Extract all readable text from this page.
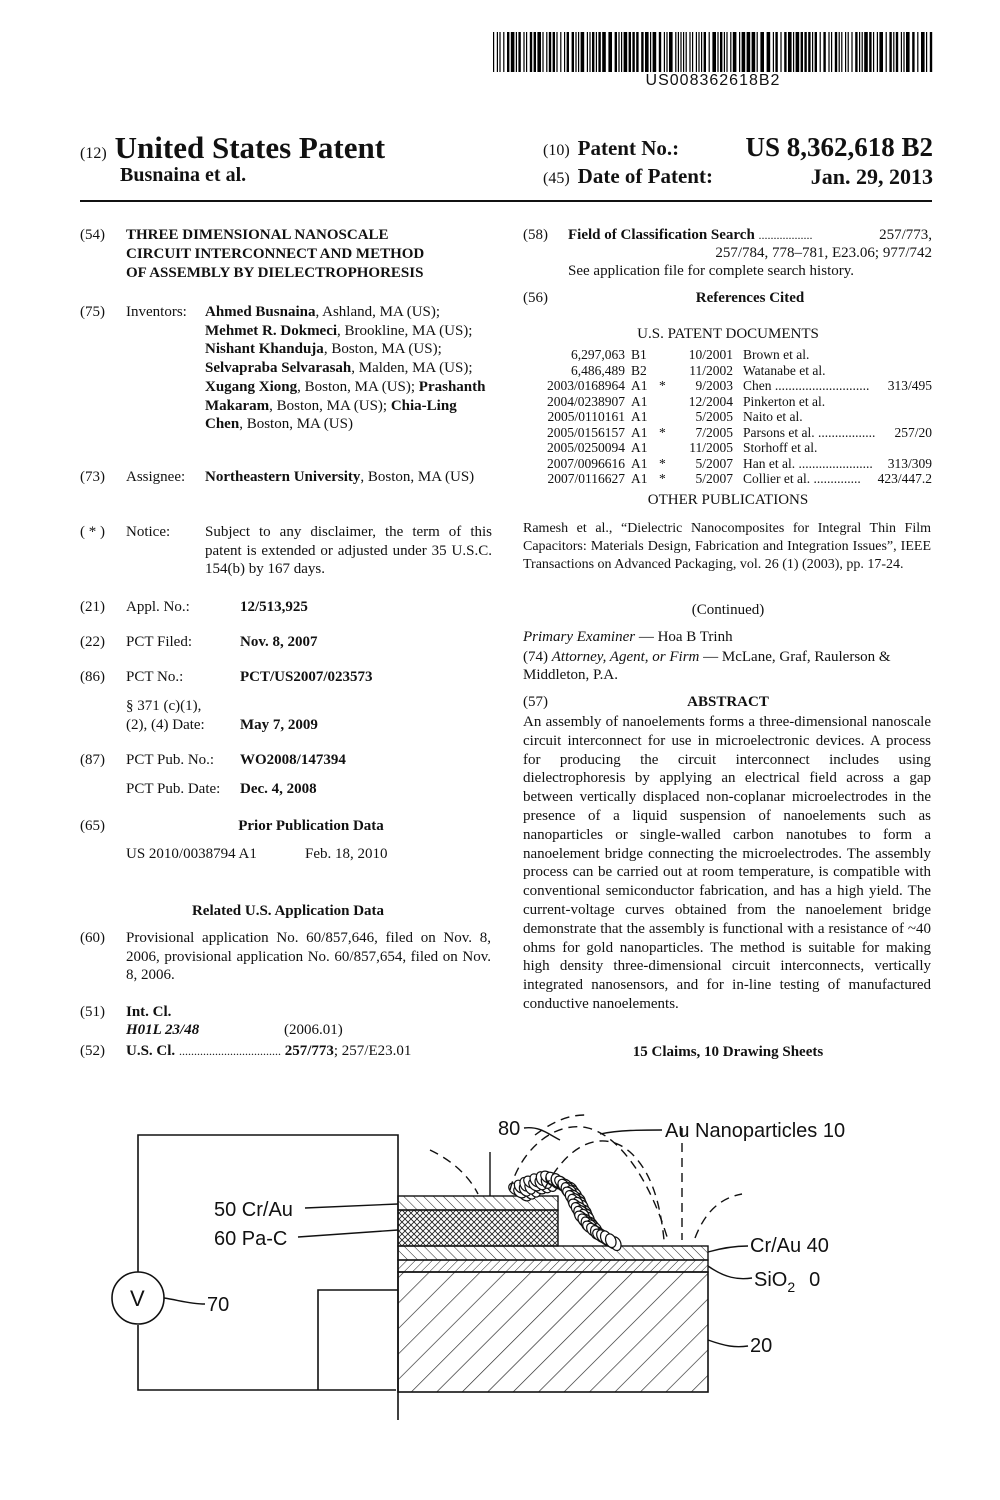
US008362618B2
(12) United States Patent
Busnaina et al.
(10) Patent No.: US 8,362,618 B2
(45) Date of Patent:	Jan. 29, 2013
(54) THREE DIMENSIONAL NANOSCALE
CIRCUIT INTERCONNECT AND METHOD
OF ASSEMBLY BY DIELECTROPHORESIS
(75) Inventors: Ahmed Busnaina, Ashland, MA (US); Mehmet R. Dokmeci, Brookline, MA (US); Nishant Khanduja, Boston, MA (US); Selvapraba Selvarasah, Malden, MA (US); Xugang Xiong, Boston, MA (US); Prashanth Makaram, Boston, MA (US); Chia-Ling Chen, Boston, MA (US)
(73) Assignee: Northeastern University, Boston, MA (US)
( * ) Notice: Subject to any disclaimer, the term of this patent is extended or adjusted under 35 U.S.C. 154(b) by 167 days.
(21) Appl. No.:	12/513,925
(22) PCT Filed:	Nov. 8, 2007
(86) PCT No.:	PCT/US2007/023573
§ 371 (c)(1),
(2), (4) Date: May 7, 2009
(87) PCT Pub. No.: WO2008/147394
PCT Pub. Date: Dec. 4, 2008
(65)	Prior Publication Data
US 2010/0038794 A1	Feb. 18, 2010
Related U.S. Application Data
(60) Provisional application No. 60/857,646, filed on Nov. 8, 2006, provisional application No. 60/857,654, filed on Nov. 8, 2006.
(51) Int. Cl.
H01L 23/48	(2006.01)
(52) U.S. Cl. .................................. 257/773; 257/E23.01
(58) Field of Classification Search ..................	257/773,
257/784, 778–781, E23.06; 977/742
See application file for complete search history.
(56)	References Cited
U.S. PATENT DOCUMENTS
6,297,063	B1		10/2001	Brown et al.	
6,486,489	B2		11/2002	Watanabe et al.	
2003/0168964	A1	*	9/2003	Chen ............................	313/495
2004/0238907	A1		12/2004	Pinkerton et al.	
2005/0110161	A1		5/2005	Naito et al.	
2005/0156157	A1	*	7/2005	Parsons et al. .................	257/20
2005/0250094	A1		11/2005	Storhoff et al.	
2007/0096616	A1	*	5/2007	Han et al. ......................	313/309
2007/0116627	A1	*	5/2007	Collier et al. ..............	423/447.2
OTHER PUBLICATIONS
Ramesh et al., “Dielectric Nanocomposites for Integral Thin Film Capacitors: Materials Design, Fabrication and Integration Issues”, IEEE Transactions on Advanced Packaging, vol. 26 (1) (2003), pp. 17-24.
(Continued)
Primary Examiner — Hoa B Trinh
(74) Attorney, Agent, or Firm — McLane, Graf, Raulerson &
Middleton, P.A.
(57)	ABSTRACT
An assembly of nanoelements forms a three-dimensional nanoscale circuit interconnect for use in microelectronic devices. A process for producing the circuit interconnect includes using dielectrophoresis by applying an electrical field across a gap between vertically displaced non-coplanar microelectrodes in the presence of a liquid suspension of nanoelements such as nanoparticles or single-walled carbon nanotubes to form a nanoelement bridge connecting the microelectrodes. The assembly process can be carried out at room temperature, is compatible with conventional semiconductor fabrication, and has a high yield. The current-voltage curves obtained from the nanoelement bridge demonstrate that the assembly is functional with a resistance of ~40 ohms for gold nanoparticles. The method is suitable for making high density three-dimensional circuit interconnects, vertically integrated nanosensors, and for in-line testing of manufactured conductive nanoelements.
15 Claims, 10 Drawing Sheets
V	70
80	Au Nanoparticles 10
50 Cr/Au
60 Pa-C	Cr/Au 40
SiO$_2$ 0
20
